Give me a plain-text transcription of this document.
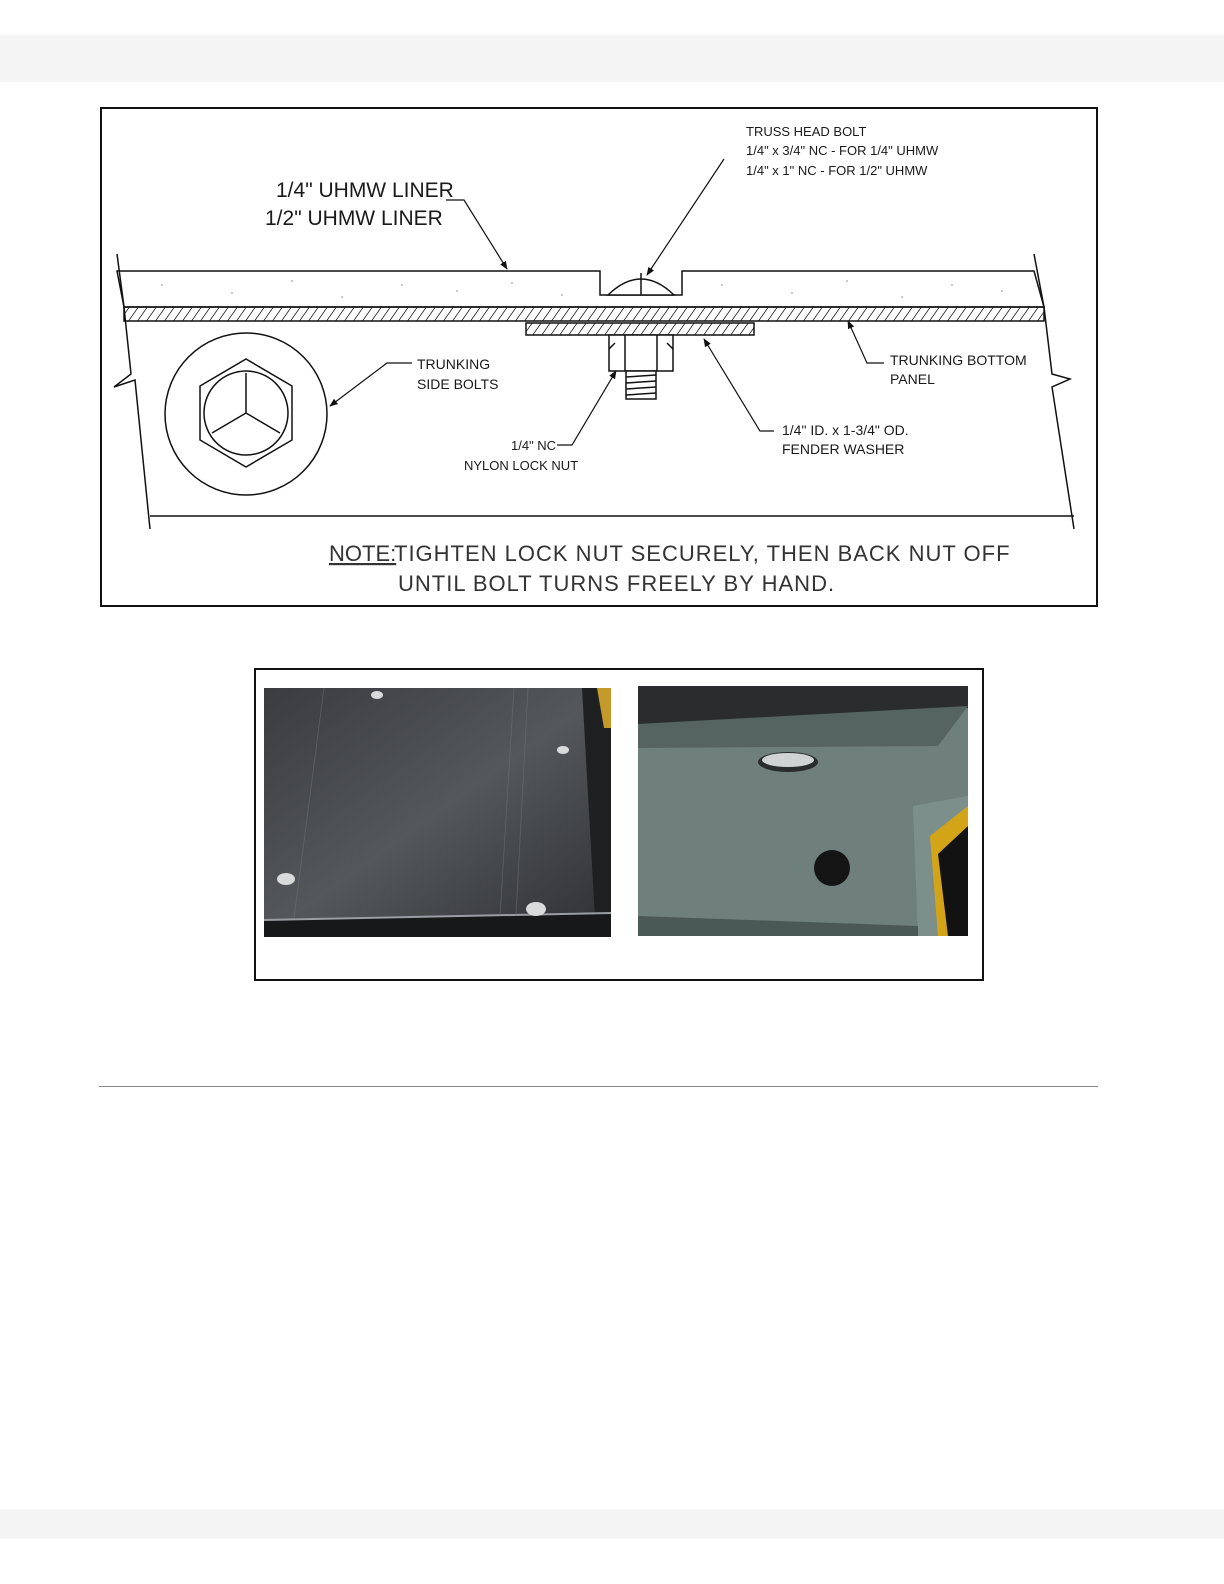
1/4" UHMW LINER
1/2" UHMW LINER
TRUSS HEAD BOLT
1/4" x 3/4" NC - FOR 1/4" UHMW
1/4" x 1" NC - FOR 1/2" UHMW
TRUNKING
SIDE BOLTS
TRUNKING BOTTOM
PANEL
1/4" NC
NYLON LOCK NUT
1/4" ID. x 1-3/4" OD.
FENDER WASHER
NOTE:
TIGHTEN LOCK NUT SECURELY, THEN BACK NUT OFF
UNTIL BOLT TURNS FREELY BY HAND.
